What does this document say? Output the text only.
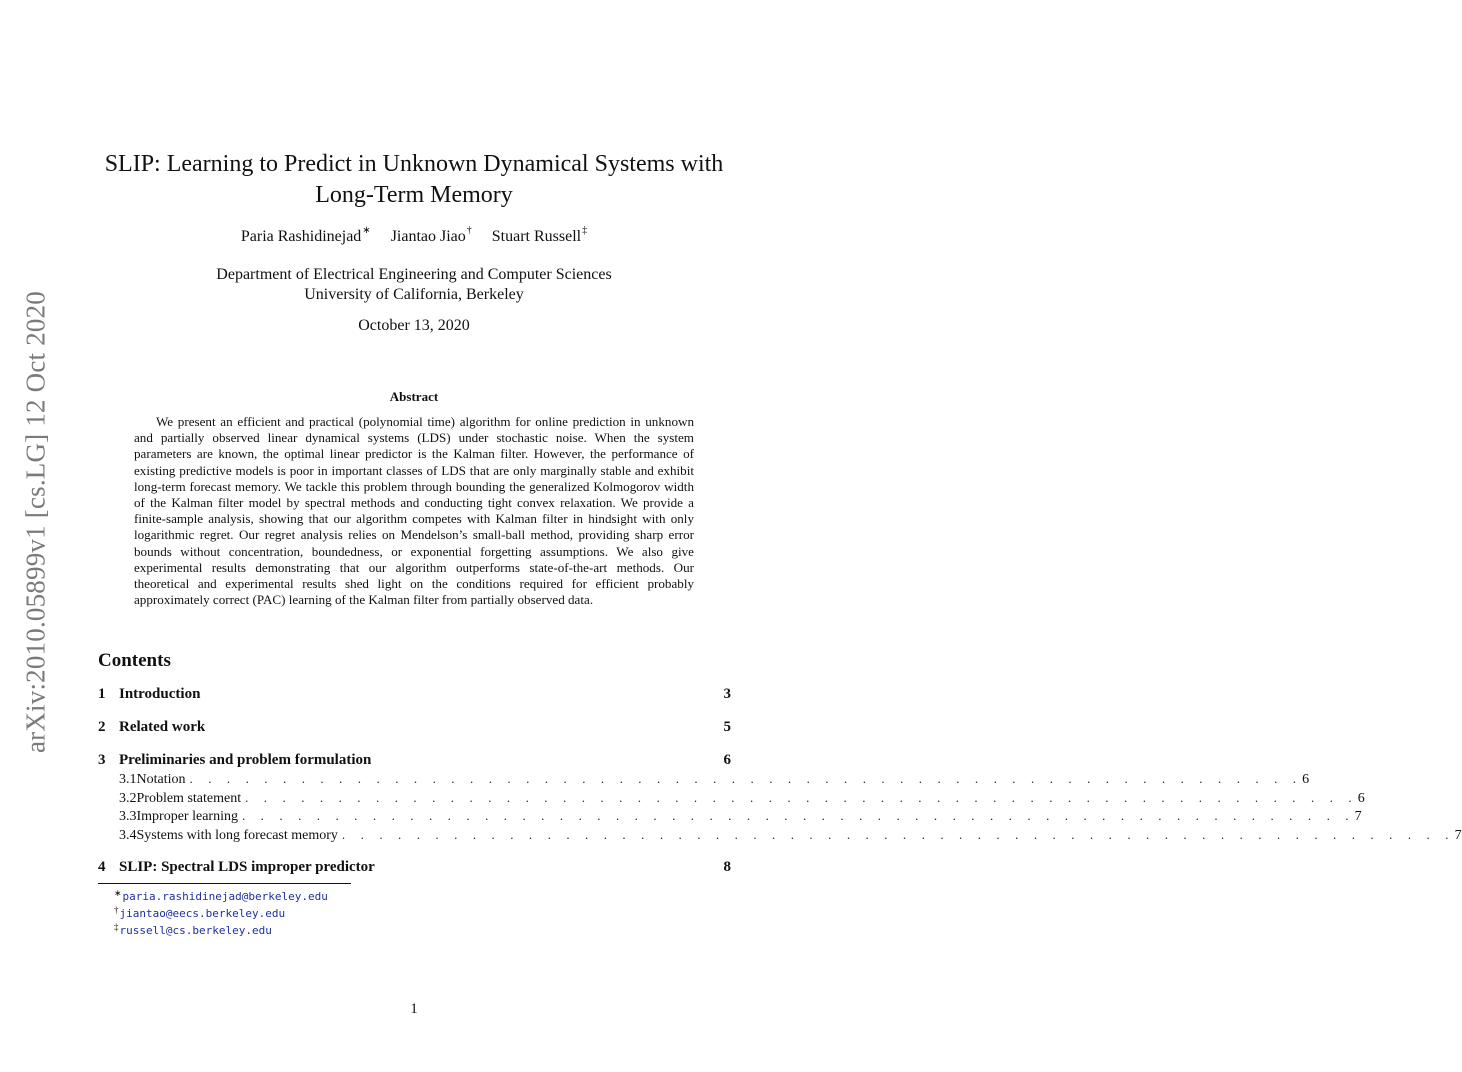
arXiv:2010.05899v1 [cs.LG] 12 Oct 2020
SLIP: Learning to Predict in Unknown Dynamical Systems with
Long-Term Memory
Paria Rashidinejad∗ Jiantao Jiao† Stuart Russell‡
Department of Electrical Engineering and Computer Sciences
University of California, Berkeley
October 13, 2020
Abstract
We present an efficient and practical (polynomial time) algorithm for online prediction in unknown and partially observed linear dynamical systems (LDS) under stochastic noise. When the system parameters are known, the optimal linear predictor is the Kalman filter. However, the performance of existing predictive models is poor in important classes of LDS that are only marginally stable and exhibit long-term forecast memory. We tackle this problem through bounding the generalized Kolmogorov width of the Kalman filter model by spectral methods and conducting tight convex relaxation. We provide a finite-sample analysis, showing that our algorithm competes with Kalman filter in hindsight with only logarithmic regret. Our regret analysis relies on Mendelson’s small-ball method, providing sharp error bounds without concentration, boundedness, or exponential forgetting assumptions. We also give experimental results demonstrating that our algorithm outperforms state-of-the-art methods. Our theoretical and experimental results shed light on the conditions required for efficient probably approximately correct (PAC) learning of the Kalman filter from partially observed data.
Contents
1 Introduction	3
2 Related work	5
3 Preliminaries and problem formulation	6
3.1 Notation . . . . . . . . . . . . . . . . . . . . . . . . . . . . . . . . . . . . . . . . . . . . . . . . . . . . . . . . . . . . 6
3.2 Problem statement . . . . . . . . . . . . . . . . . . . . . . . . . . . . . . . . . . . . . . . . . . . . . . . . . . . . . . . . . . . . 6
3.3 Improper learning . . . . . . . . . . . . . . . . . . . . . . . . . . . . . . . . . . . . . . . . . . . . . . . . . . . . . . . . . . . . 7
3.4 Systems with long forecast memory . . . . . . . . . . . . . . . . . . . . . . . . . . . . . . . . . . . . . . . . . . . . . . . . . . . . . . . . . . . . 7
4 SLIP: Spectral LDS improper predictor	8
∗paria.rashidinejad@berkeley.edu
†jiantao@eecs.berkeley.edu
‡russell@cs.berkeley.edu
1
